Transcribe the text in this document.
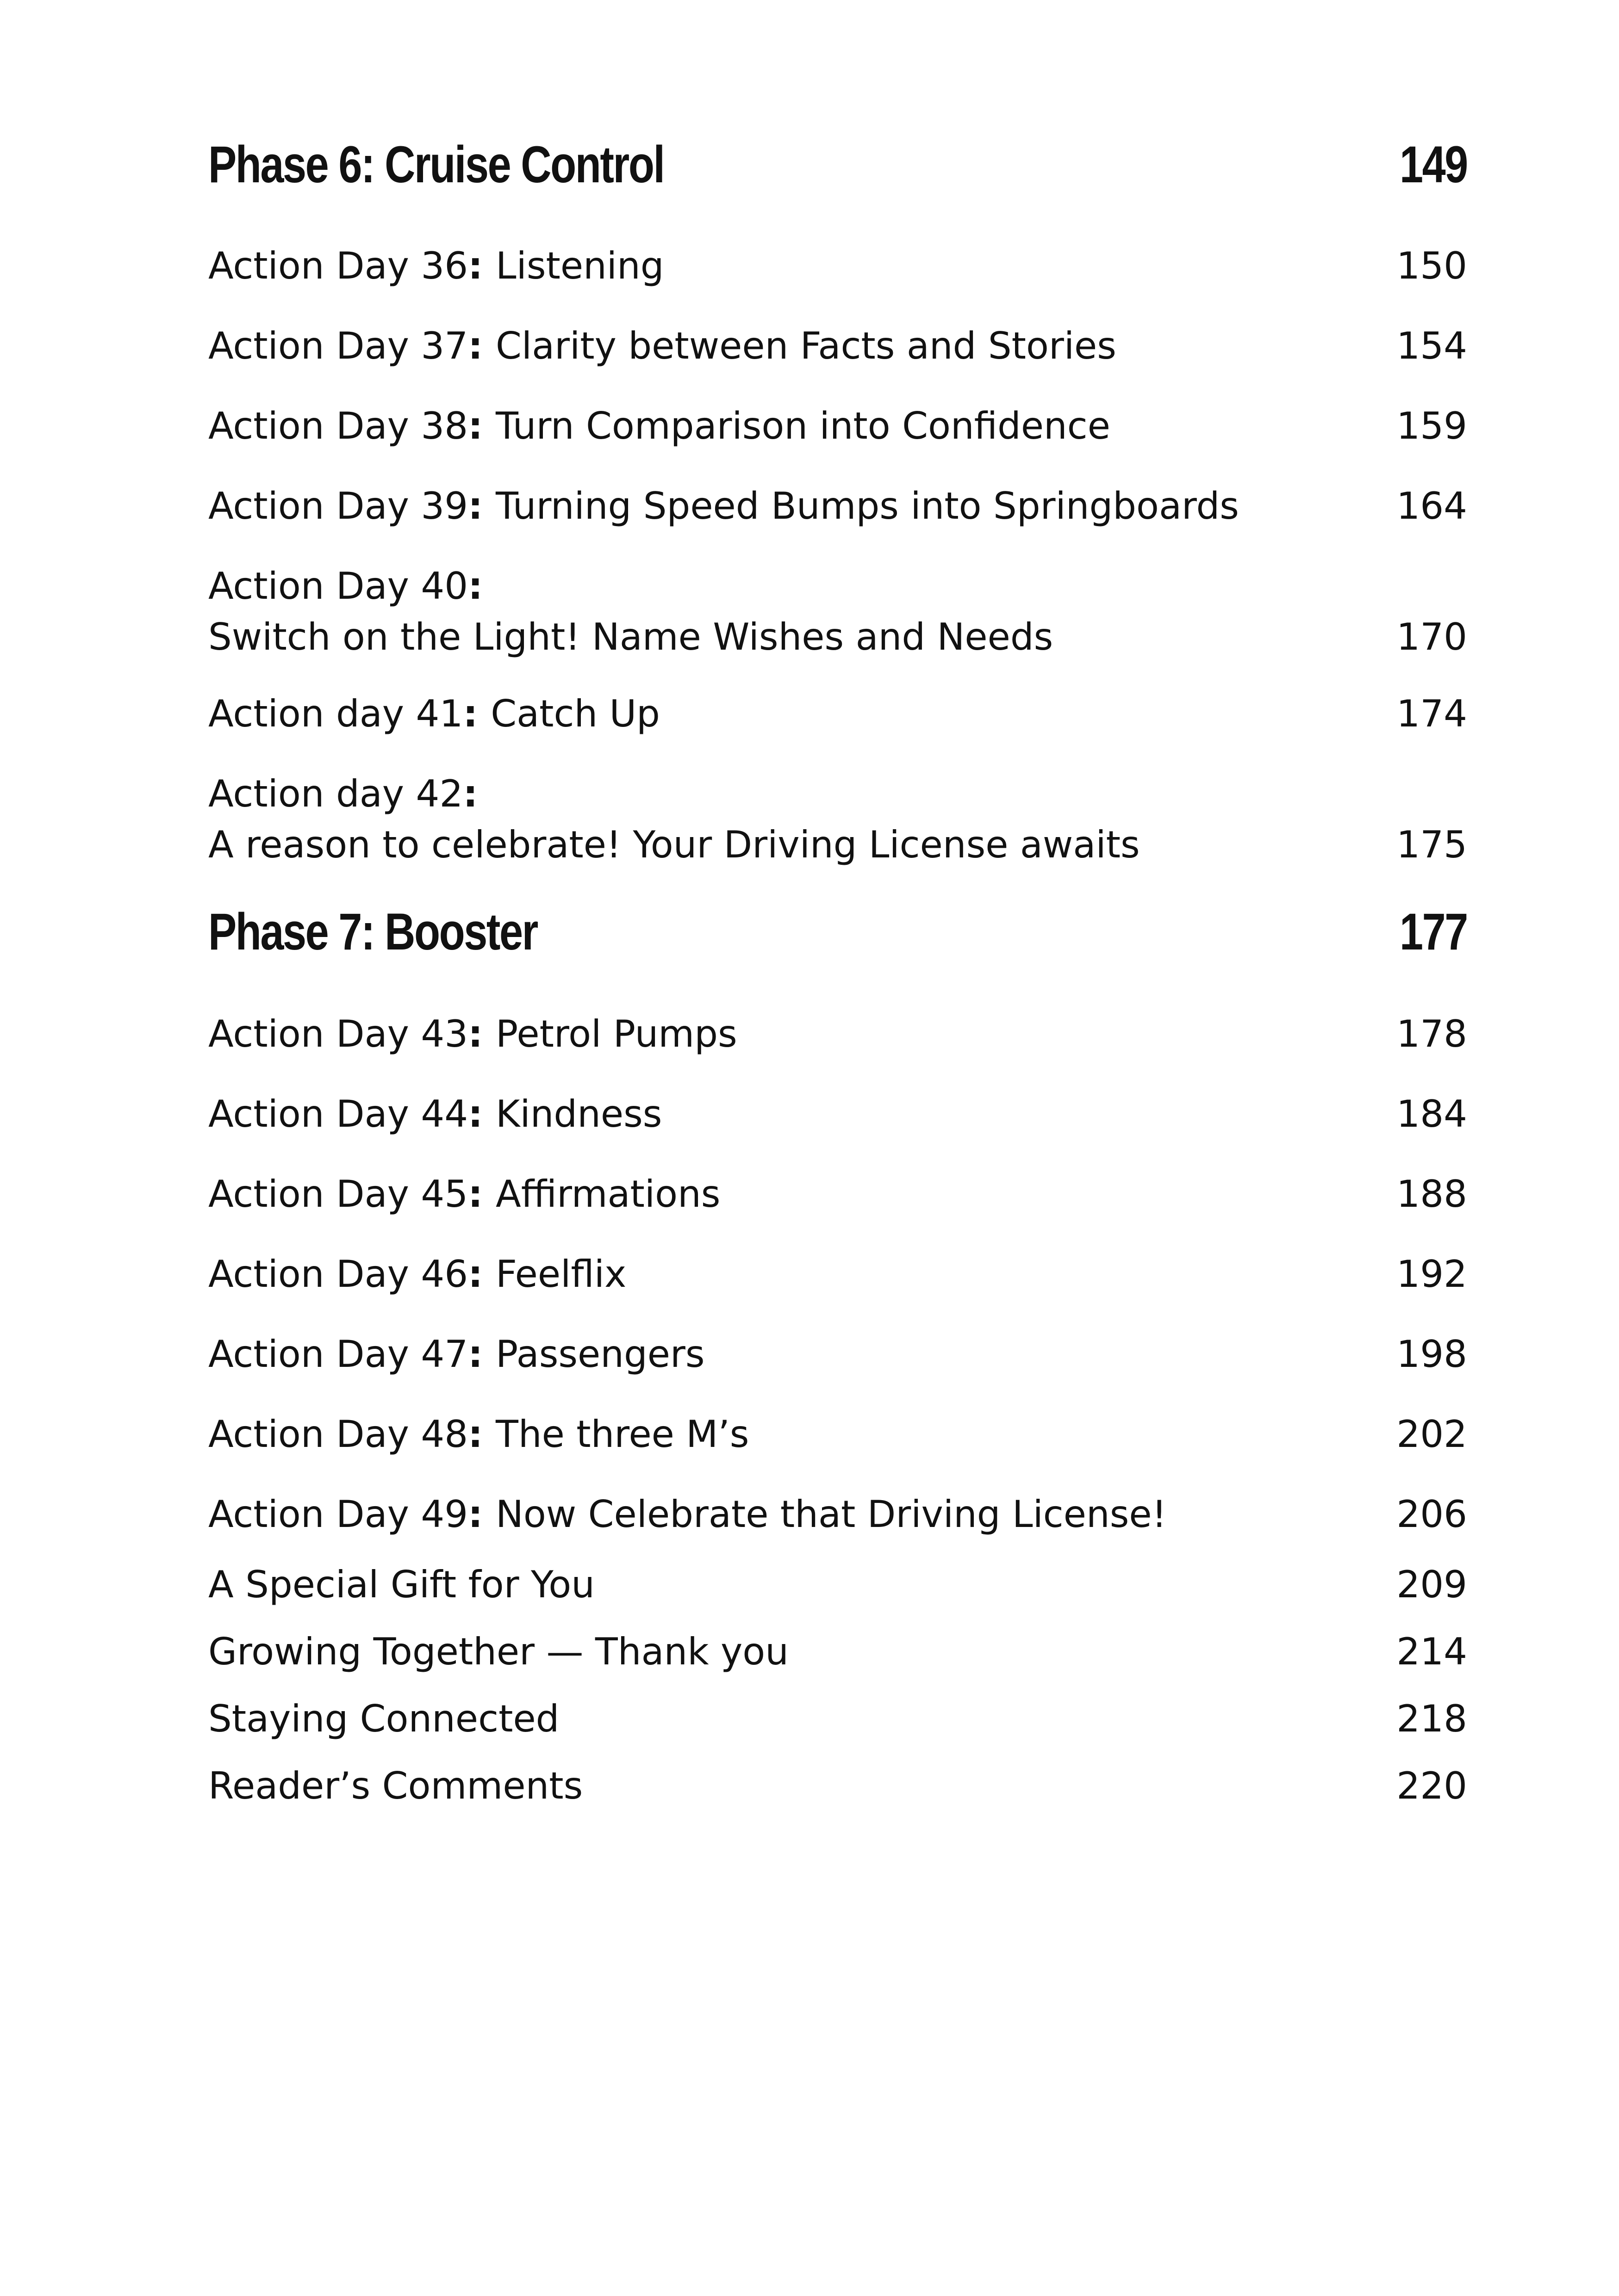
Phase 6: Cruise Control	149
Action Day 36: Listening	150
Action Day 37: Clarity between Facts and Stories	154
Action Day 38: Turn Comparison into Confidence	159
Action Day 39: Turning Speed Bumps into Springboards	164
Action Day 40:
Switch on the Light! Name Wishes and Needs	170
Action day 41: Catch Up	174
Action day 42:
A reason to celebrate! Your Driving License awaits	175
Phase 7: Booster	177
Action Day 43: Petrol Pumps	178
Action Day 44: Kindness	184
Action Day 45: Affirmations	188
Action Day 46: Feelflix	192
Action Day 47: Passengers	198
Action Day 48: The three M’s	202
Action Day 49: Now Celebrate that Driving License!	206
A Special Gift for You	209
Growing Together — Thank you	214
Staying Connected	218
Reader’s Comments	220
